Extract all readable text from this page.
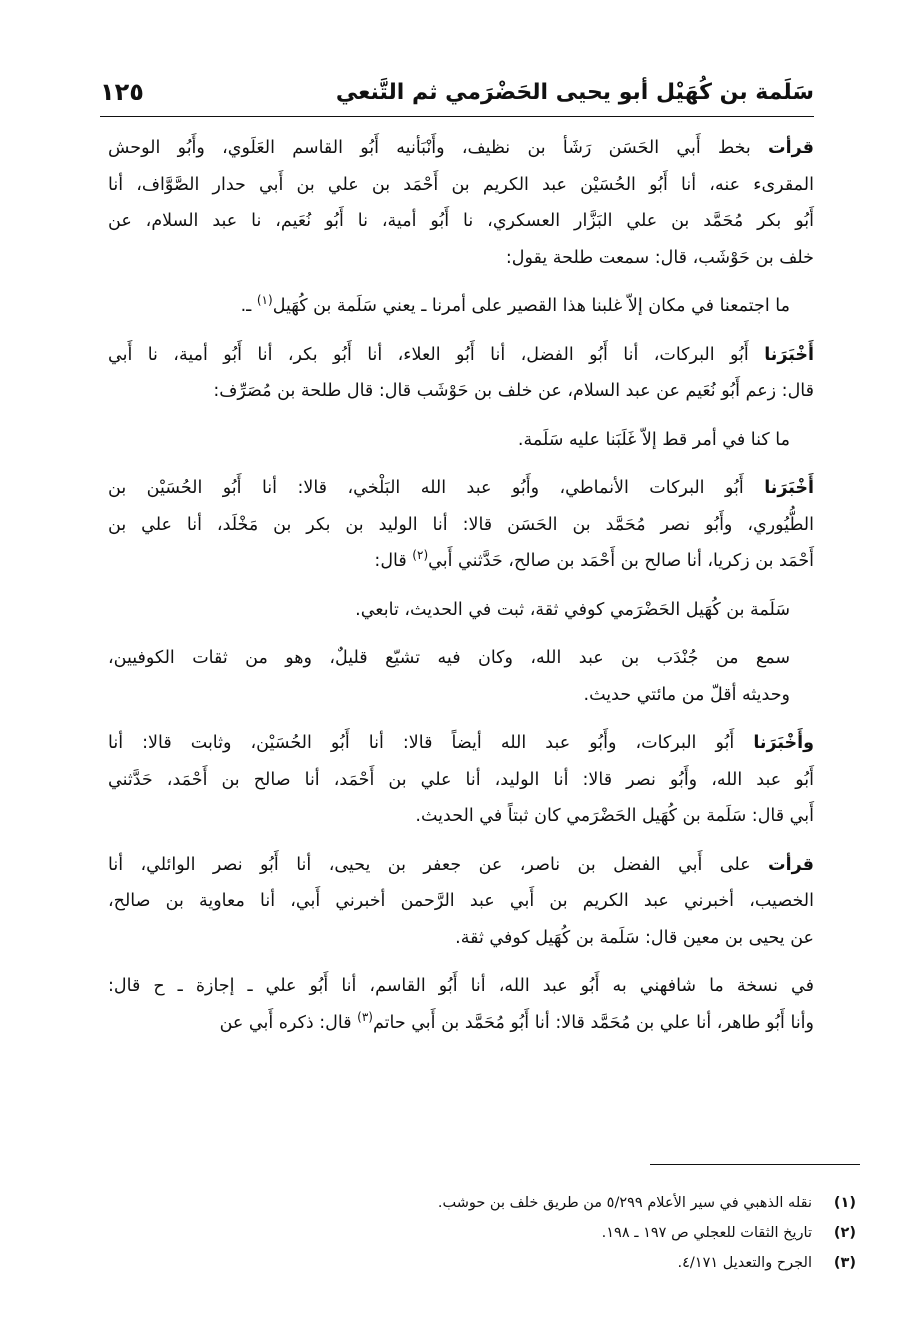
١٢٥	سَلَمة بن كُهَيْل أبو يحيى الحَضْرَمي ثم التَّنعي
قرأت بخط أَبي الحَسَن رَشَأ بن نظيف، وأَنْبَأنيه أَبُو القاسم العَلَوي، وأَبُو الوحش
المقرىء عنه، أنا أَبُو الحُسَيْن عبد الكريم بن أَحْمَد بن علي بن أَبي حدار الصَّوَّاف، أنا
أَبُو بكر مُحَمَّد بن علي البَزَّار العسكري، نا أَبُو أمية، نا أَبُو نُعَيم، نا عبد السلام، عن
خلف بن حَوْشَب، قال: سمعت طلحة يقول:
ما اجتمعنا في مكان إلاّ غلبنا هذا القصير على أمرنا ـ يعني سَلَمة بن كُهَيل$^{(١)}$ ـ.
أَخْبَرَنا أَبُو البركات، أنا أَبُو الفضل، أنا أَبُو العلاء، أنا أَبُو بكر، أنا أَبُو أمية، نا أَبي
قال: زعم أَبُو نُعَيم عن عبد السلام، عن خلف بن حَوْشَب قال: قال طلحة بن مُصَرِّف:
ما كنا في أمر قط إلاّ غَلَبَنا عليه سَلَمة.
أَخْبَرَنا أَبُو البركات الأنماطي، وأَبُو عبد الله البَلْخي، قالا: أنا أَبُو الحُسَيْن بن
الطُّيُوري، وأَبُو نصر مُحَمَّد بن الحَسَن قالا: أنا الوليد بن بكر بن مَخْلَد، أنا علي بن
أَحْمَد بن زكريا، أنا صالح بن أَحْمَد بن صالح، حَدَّثني أَبي$^{(٢)}$ قال:
سَلَمة بن كُهَيل الحَضْرَمي كوفي ثقة، ثبت في الحديث، تابعي.
سمع من جُنْدَب بن عبد الله، وكان فيه تشيّع قليلٌ، وهو من ثقات الكوفيين،
وحديثه أقلّ من مائتي حديث.
وأَخْبَرَنا أَبُو البركات، وأَبُو عبد الله أيضاً قالا: أنا أَبُو الحُسَيْن، وثابت قالا: أنا
أَبُو عبد الله، وأَبُو نصر قالا: أنا الوليد، أنا علي بن أَحْمَد، أنا صالح بن أَحْمَد، حَدَّثني
أَبي قال: سَلَمة بن كُهَيل الحَضْرَمي كان ثبتاً في الحديث.
قرأت على أَبي الفضل بن ناصر، عن جعفر بن يحيى، أنا أَبُو نصر الوائلي، أنا
الخصيب، أخبرني عبد الكريم بن أَبي عبد الرَّحمن أخبرني أَبي، أنا معاوية بن صالح،
عن يحيى بن معين قال: سَلَمة بن كُهَيل كوفي ثقة.
في نسخة ما شافهني به أَبُو عبد الله، أنا أَبُو القاسم، أنا أَبُو علي ـ إجازة ـ ح قال:
وأنا أَبُو طاهر، أنا علي بن مُحَمَّد قالا: أنا أَبُو مُحَمَّد بن أَبي حاتم$^{(٣)}$ قال: ذكره أَبي عن
(١)
نقله الذهبي في سير الأعلام ٥/٢٩٩ من طريق خلف بن حوشب.
(٢)
تاريخ الثقات للعجلي ص ١٩٧ ـ ١٩٨.
(٣)
الجرح والتعديل ٤/١٧١.
